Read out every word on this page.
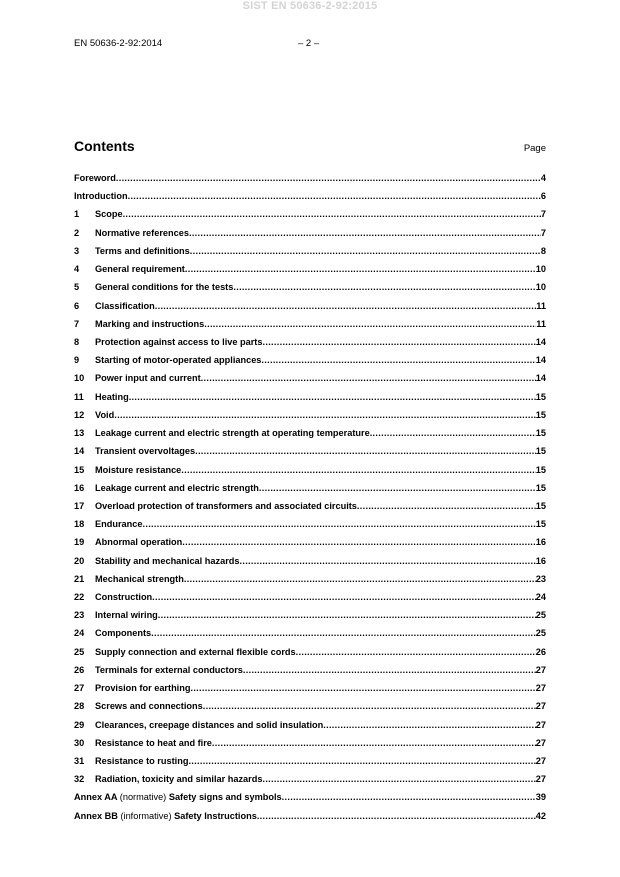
SIST EN 50636-2-92:2015
EN 50636-2-92:2014	– 2 –
Contents	Page
Foreword .....	4
Introduction .....	6
1	Scope .....	7
2	Normative references .....	7
3	Terms and definitions .....	8
4	General requirement .....	10
5	General conditions for the tests .....	10
6	Classification .....	11
7	Marking and instructions .....	11
8	Protection against access to live parts .....	14
9	Starting of motor-operated appliances .....	14
10	Power input and current .....	14
11	Heating .....	15
12	Void .....	15
13	Leakage current and electric strength at operating temperature .....	15
14	Transient overvoltages .....	15
15	Moisture resistance .....	15
16	Leakage current and electric strength .....	15
17	Overload protection of transformers and associated circuits .....	15
18	Endurance .....	15
19	Abnormal operation .....	16
20	Stability and mechanical hazards .....	16
21	Mechanical strength .....	23
22	Construction .....	24
23	Internal wiring .....	25
24	Components .....	25
25	Supply connection and external flexible cords .....	26
26	Terminals for external conductors .....	27
27	Provision for earthing .....	27
28	Screws and connections .....	27
29	Clearances, creepage distances and solid insulation .....	27
30	Resistance to heat and fire .....	27
31	Resistance to rusting .....	27
32	Radiation, toxicity and similar hazards .....	27
Annex AA (normative) Safety signs and symbols .....	39
Annex BB (informative) Safety Instructions .....	42
